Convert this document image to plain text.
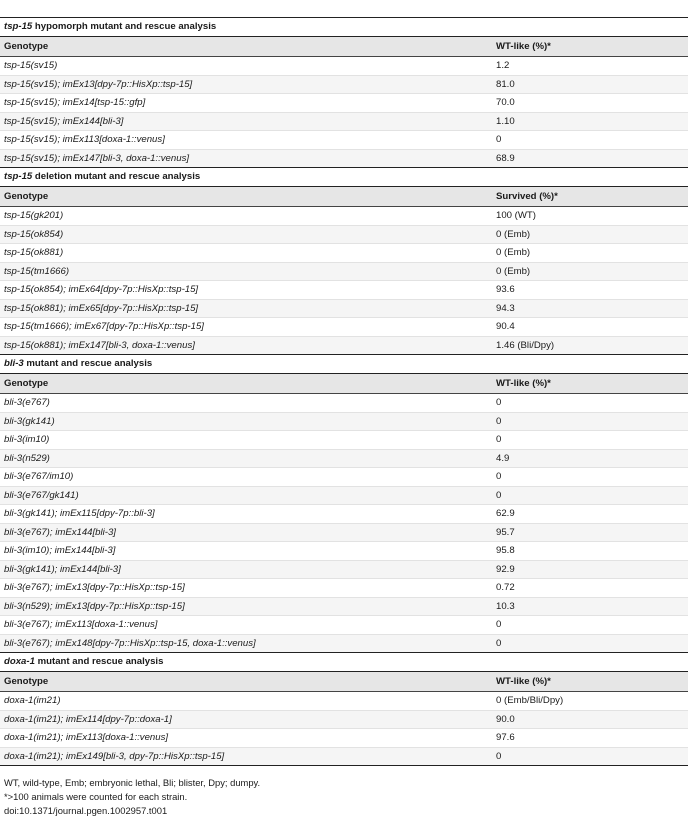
tsp-15 hypomorph mutant and rescue analysis
Genotype	WT-like (%)*
tsp-15(sv15)	1.2
tsp-15(sv15); imEx13[dpy-7p::HisXp::tsp-15]	81.0
tsp-15(sv15); imEx14[tsp-15::gfp]	70.0
tsp-15(sv15); imEx144[bli-3]	1.10
tsp-15(sv15); imEx113[doxa-1::venus]	0
tsp-15(sv15); imEx147[bli-3, doxa-1::venus]	68.9
tsp-15 deletion mutant and rescue analysis
Genotype	Survived (%)*
tsp-15(gk201)	100 (WT)
tsp-15(ok854)	0 (Emb)
tsp-15(ok881)	0 (Emb)
tsp-15(tm1666)	0 (Emb)
tsp-15(ok854); imEx64[dpy-7p::HisXp::tsp-15]	93.6
tsp-15(ok881); imEx65[dpy-7p::HisXp::tsp-15]	94.3
tsp-15(tm1666); imEx67[dpy-7p::HisXp::tsp-15]	90.4
tsp-15(ok881); imEx147[bli-3, doxa-1::venus]	1.46 (Bli/Dpy)
bli-3 mutant and rescue analysis
Genotype	WT-like (%)*
bli-3(e767)	0
bli-3(gk141)	0
bli-3(im10)	0
bli-3(n529)	4.9
bli-3(e767/im10)	0
bli-3(e767/gk141)	0
bli-3(gk141); imEx115[dpy-7p::bli-3]	62.9
bli-3(e767); imEx144[bli-3]	95.7
bli-3(im10); imEx144[bli-3]	95.8
bli-3(gk141); imEx144[bli-3]	92.9
bli-3(e767); imEx13[dpy-7p::HisXp::tsp-15]	0.72
bli-3(n529); imEx13[dpy-7p::HisXp::tsp-15]	10.3
bli-3(e767); imEx113[doxa-1::venus]	0
bli-3(e767); imEx148[dpy-7p::HisXp::tsp-15, doxa-1::venus]	0
doxa-1 mutant and rescue analysis
Genotype	WT-like (%)*
doxa-1(im21)	0 (Emb/Bli/Dpy)
doxa-1(im21); imEx114[dpy-7p::doxa-1]	90.0
doxa-1(im21); imEx113[doxa-1::venus]	97.6
doxa-1(im21); imEx149[bli-3, dpy-7p::HisXp::tsp-15]	0
WT, wild-type, Emb; embryonic lethal, Bli; blister, Dpy; dumpy.
*>100 animals were counted for each strain.
doi:10.1371/journal.pgen.1002957.t001
